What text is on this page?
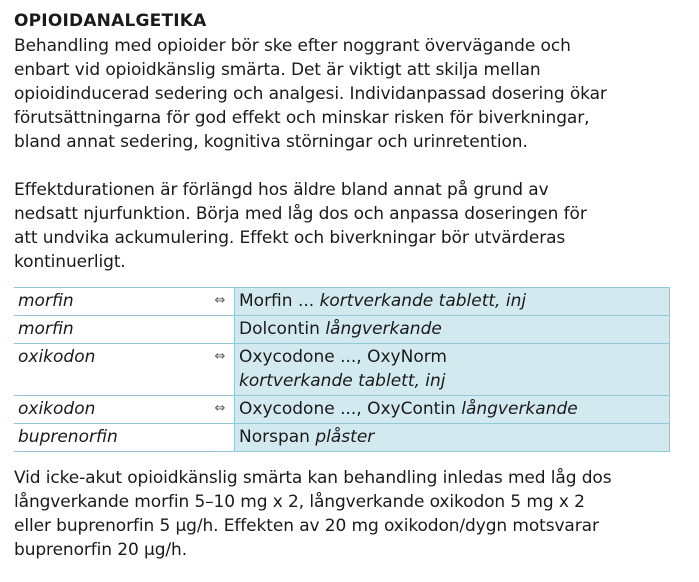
OPIOIDANALGETIKA
Behandling med opioider bör ske efter noggrant övervägande och
enbart vid opioidkänslig smärta. Det är viktigt att skilja mellan
opioidinducerad sedering och analgesi. Individanpassad dosering ökar
förutsättningarna för god effekt och minskar risken för biverkningar,
bland annat sedering, kognitiva störningar och urinretention.
Effektdurationen är förlängd hos äldre bland annat på grund av
nedsatt njurfunktion. Börja med låg dos och anpassa doseringen för
att undvika ackumulering. Effekt och biverkningar bör utvärderas
kontinuerligt.
morfin	⇔	Morfin ... kortverkande tablett, inj
morfin		Dolcontin långverkande
oxikodon	⇔	Oxycodone ..., OxyNorm
kortverkande tablett, inj

oxikodon	⇔	Oxycodone ..., OxyContin långverkande
buprenorfin		Norspan plåster
Vid icke-akut opioidkänslig smärta kan behandling inledas med låg dos
långverkande morfin 5–10 mg x 2, långverkande oxikodon 5 mg x 2
eller buprenorfin 5 μg/h. Effekten av 20 mg oxikodon/dygn motsvarar
buprenorfin 20 μg/h.
